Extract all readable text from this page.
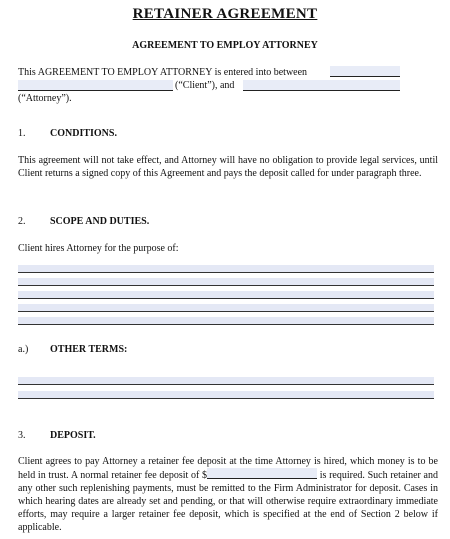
RETAINER AGREEMENT
AGREEMENT TO EMPLOY ATTORNEY
This AGREEMENT TO EMPLOY ATTORNEY is entered into between
(“Client”), and
(“Attorney”).
1. CONDITIONS.
This agreement will not take effect, and Attorney will have no obligation to provide legal services, until Client returns a signed copy of this Agreement and pays the deposit called for under paragraph three.
2. SCOPE AND DUTIES.
Client hires Attorney for the purpose of:
a.) OTHER TERMS:
3. DEPOSIT.
Client agrees to pay Attorney a retainer fee deposit at the time Attorney is hired, which money is to be held in trust. A normal retainer fee deposit of $	is required. Such retainer and any other such replenishing payments, must be remitted to the Firm Administrator for deposit. Cases in which hearing dates are already set and pending, or that will otherwise require extraordinary immediate efforts, may require a larger retainer fee deposit, which is specified at the end of Section 2 below if applicable.
